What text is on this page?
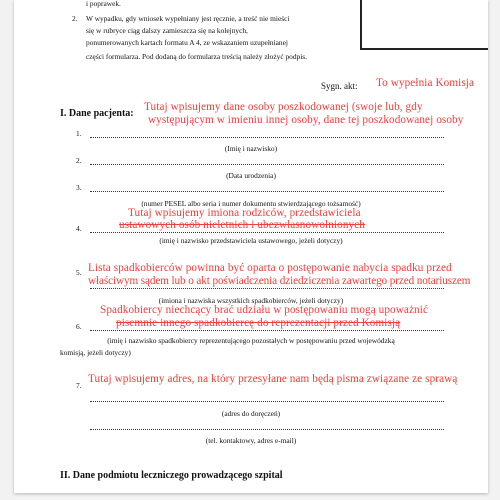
i poprawek.
2. W wypadku, gdy wniosek wypełniany jest ręcznie, a treść nie mieści
się w rubryce ciąg dalszy zamieszcza się na kolejnych,
ponumerowanych kartach formatu A 4, ze wskazaniem uzupełnianej
części formularza. Pod dodaną do formularza treścią należy złożyć podpis.
Sygn. akt: To wypełnia Komisja
I. Dane pacjenta:
Tutaj wpisujemy dane osoby poszkodowanej (swoje lub, gdy
występującym w imieniu innej osoby, dane tej poszkodowanej osoby
1.
(Imię i nazwisko)
2.
(Data urodzenia)
3.
(numer PESEL albo seria i numer dokumentu stwierdzającego tożsamość)
Tutaj wpisujemy imiona rodziców, przedstawiciela
4.	ustawowych osób nieletnich i ubezwłasnowolnionych
(imię i nazwisko przedstawiciela ustawowego, jeżeli dotyczy)
5. Lista spadkobierców powinna być oparta o postępowanie nabycia spadku przed
właściwym sądem lub o akt poświadczenia dziedziczenia zawartego przed notariuszem
(imiona i nazwiska wszystkich spadkobierców, jeżeli dotyczy)
Spadkobiercy niechcący brać udziału w postępowaniu mogą upoważnić
6.	pisemnie innego spadkobiercę do reprezentacji przed Komisją
(imię i nazwisko spadkobiercy reprezentującego pozostałych w postępowaniu przed wojewódzką
komisją, jeżeli dotyczy)
7.
Tutaj wpisujemy adres, na który przesyłane nam będą pisma związane ze sprawą
(adres do doręczeń)
(tel. kontaktowy, adres e-mail)
II. Dane podmiotu leczniczego prowadzącego szpital
